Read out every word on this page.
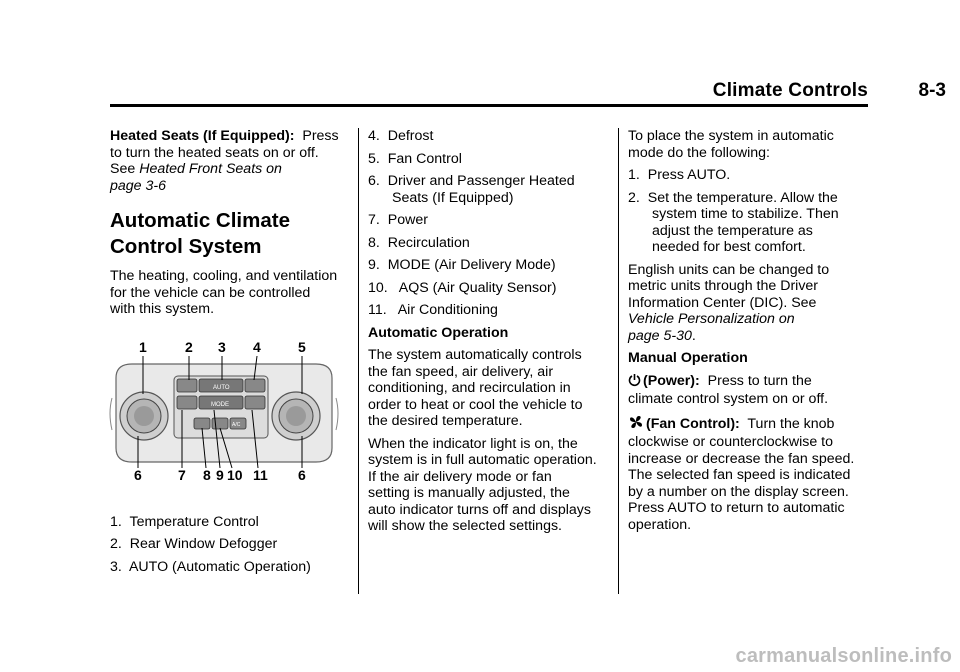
Climate Controls	8-3
Heated Seats (If Equipped): Press
to turn the heated seats on or off.
See Heated Front Seats on
page 3-6
Automatic Climate
Control System
The heating, cooling, and ventilation
for the vehicle can be controlled
with this system.
1	2 3 4	5
6	7 8 9 10 11 6
AUTO
MODE
A/C
1. Temperature Control
2. Rear Window Defogger
3. AUTO (Automatic Operation)
4. Defrost
5. Fan Control
6. Driver and Passenger Heated
Seats (If Equipped)
7. Power
8. Recirculation
9. MODE (Air Delivery Mode)
10. AQS (Air Quality Sensor)
11. Air Conditioning
Automatic Operation
The system automatically controls
the fan speed, air delivery, air
conditioning, and recirculation in
order to heat or cool the vehicle to
the desired temperature.
When the indicator light is on, the
system is in full automatic operation.
If the air delivery mode or fan
setting is manually adjusted, the
auto indicator turns off and displays
will show the selected settings.
To place the system in automatic
mode do the following:
1. Press AUTO.
2. Set the temperature. Allow the
system time to stabilize. Then
adjust the temperature as
needed for best comfort.
English units can be changed to
metric units through the Driver
Information Center (DIC). See
Vehicle Personalization on
page 5-30.
Manual Operation
(Power): Press to turn the
climate control system on or off.
(Fan Control): Turn the knob
clockwise or counterclockwise to
increase or decrease the fan speed.
The selected fan speed is indicated
by a number on the display screen.
Press AUTO to return to automatic
operation.
carmanualsonline.info
